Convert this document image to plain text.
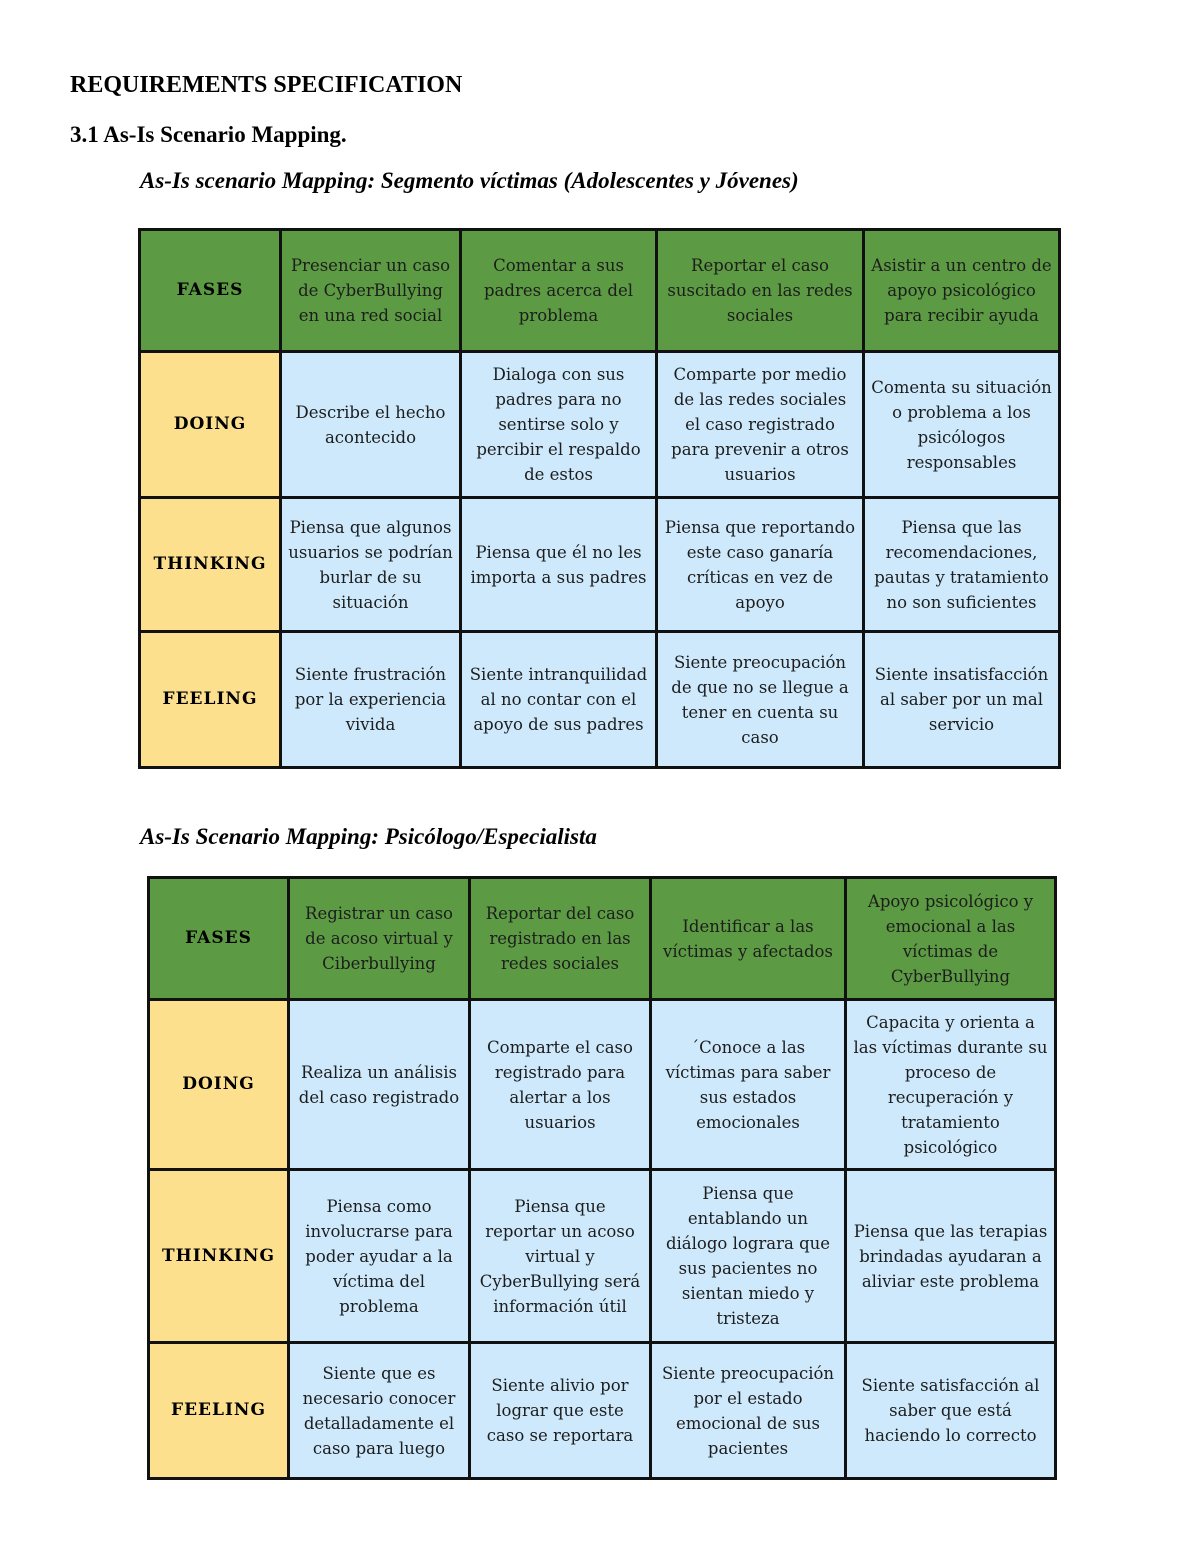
REQUIREMENTS SPECIFICATION
3.1 As-Is Scenario Mapping.

As-Is scenario Mapping: Segmento víctimas (Adolescentes y Jóvenes)

FASES	Presenciar un caso de CyberBullying en una red social	Comentar a sus padres acerca del problema	Reportar el caso suscitado en las redes sociales	Asistir a un centro de apoyo psicológico para recibir ayuda
DOING	Describe el hecho acontecido	Dialoga con sus padres para no sentirse solo y percibir el respaldo de estos	Comparte por medio de las redes sociales el caso registrado para prevenir a otros usuarios	Comenta su situación o problema a los psicólogos responsables
THINKING	Piensa que algunos usuarios se podrían burlar de su situación	Piensa que él no les importa a sus padres	Piensa que reportando este caso ganaría críticas en vez de apoyo	Piensa que las recomendaciones, pautas y tratamiento no son suficientes
FEELING	Siente frustración por la experiencia vivida	Siente intranquilidad al no contar con el apoyo de sus padres	Siente preocupación de que no se llegue a tener en cuenta su caso	Siente insatisfacción al saber por un mal servicio

As-Is Scenario Mapping: Psicólogo/Especialista

FASES	Registrar un caso de acoso virtual y Ciberbullying	Reportar del caso registrado en las redes sociales	Identificar a las víctimas y afectados	Apoyo psicológico y emocional a las víctimas de CyberBullying
DOING	Realiza un análisis del caso registrado	Comparte el caso registrado para alertar a los usuarios	´Conoce a las víctimas para saber sus estados emocionales	Capacita y orienta a las víctimas durante su proceso de recuperación y tratamiento psicológico
THINKING	Piensa como involucrarse para poder ayudar a la víctima del problema	Piensa que reportar un acoso virtual y CyberBullying será información útil	Piensa que entablando un diálogo lograra que sus pacientes no sientan miedo y tristeza	Piensa que las terapias brindadas ayudaran a aliviar este problema
FEELING	Siente que es necesario conocer detalladamente el caso para luego	Siente alivio por lograr que este caso se reportara	Siente preocupación por el estado emocional de sus pacientes	Siente satisfacción al saber que está haciendo lo correcto
